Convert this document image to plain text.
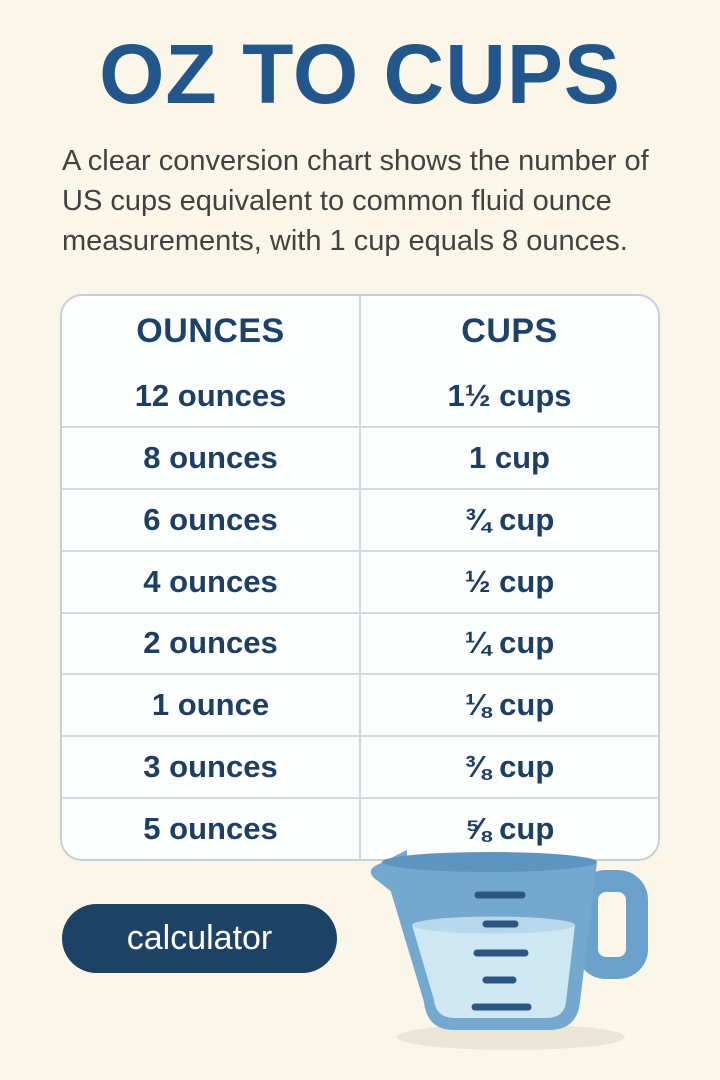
OZ TO CUPS

A clear conversion chart shows the number of US cups equivalent to common fluid ounce measurements, with 1 cup equals 8 ounces.

OUNCES	CUPS
12 ounces	1½ cups
8 ounces	1 cup
6 ounces	¾ cup
4 ounces	½ cup
2 ounces	¼ cup
1 ounce	⅛ cup
3 ounces	⅜ cup
5 ounces	⅝ cup
calculator
